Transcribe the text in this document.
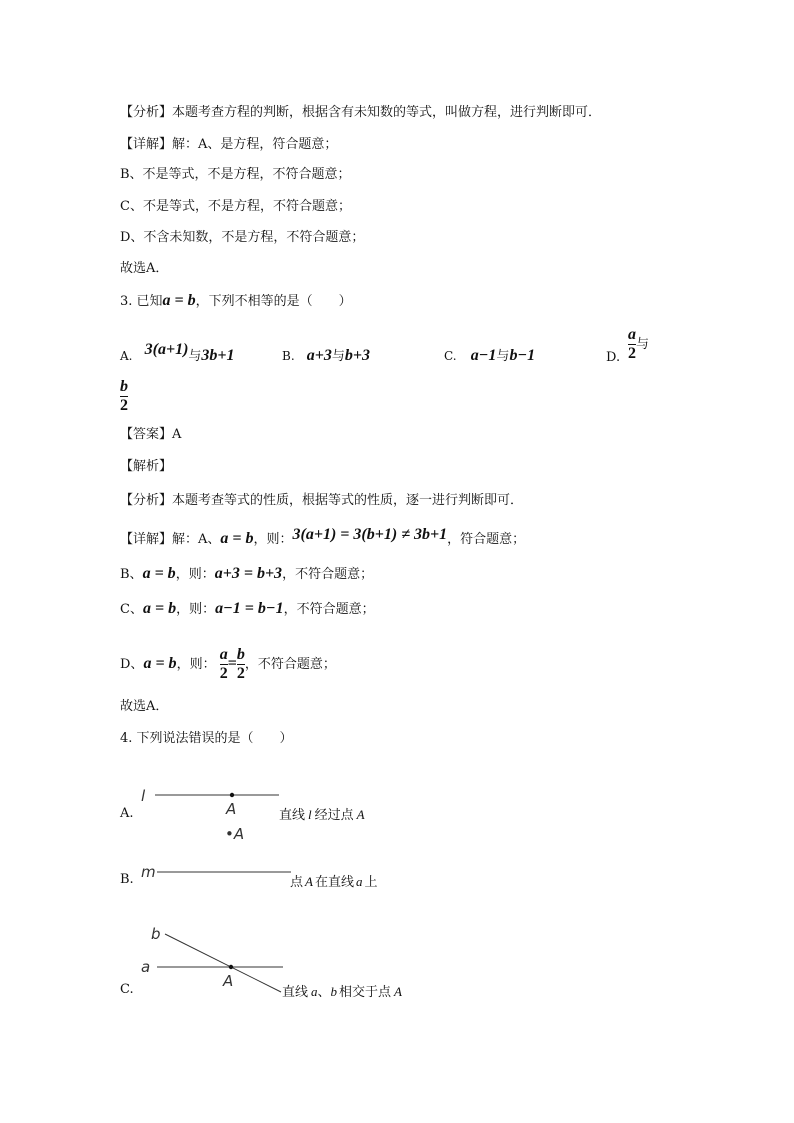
【分析】本题考查方程的判断，根据含有未知数的等式，叫做方程，进行判断即可．
【详解】解：A、是方程，符合题意；
B、不是等式，不是方程，不符合题意；
C、不是等式，不是方程，不符合题意；
D、不含未知数，不是方程，不符合题意；
故选A．
3. 已知a = b，下列不相等的是（　　）
A. 3(a+1)与3b+1	B. a+3与b+3	C. a−1与b−1	D. $\frac{a}{2}$ 与
$\frac{b}{2}$
【答案】A
【解析】
【分析】本题考查等式的性质，根据等式的性质，逐一进行判断即可．
【详解】解：A、a = b，则：3(a+1) = 3(b+1) ≠ 3b+1，符合题意；
B、a = b，则：a+3 = b+3，不符合题意；
C、a = b，则：a−1 = b−1，不符合题意；
D、a = b，则： $\frac{a}{2} = \frac{b}{2}$ ，不符合题意；
故选A．
4. 下列说法错误的是（　　）
A.
l
A	直线 l 经过点 A
•A
B. m
点 A 在直线 a 上
C.
b
a
A
直线 a、b 相交于点 A
